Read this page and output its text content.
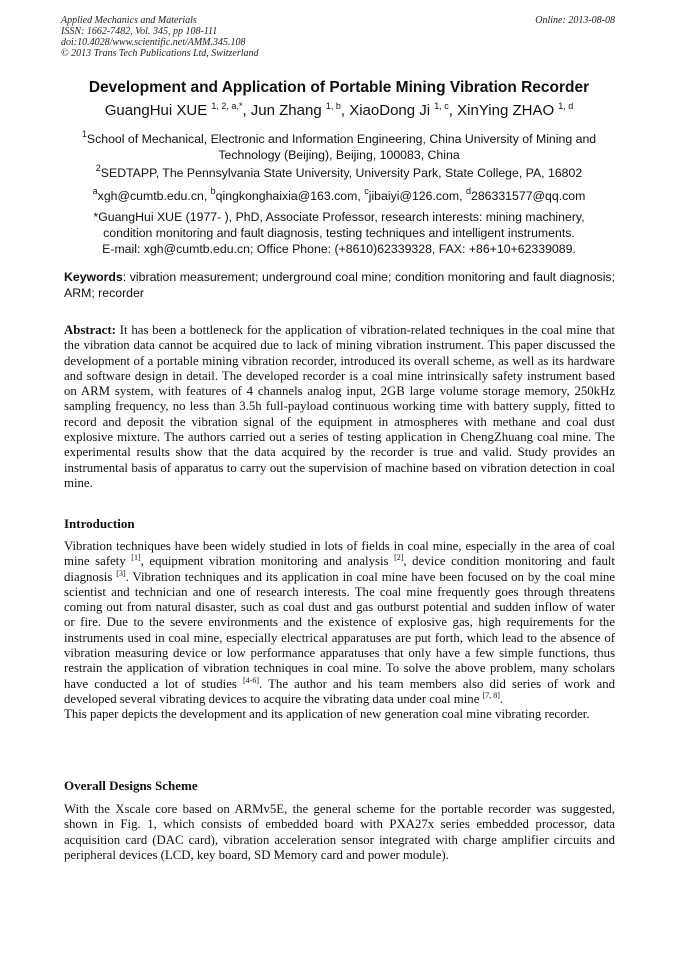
Applied Mechanics and Materials
ISSN: 1662-7482, Vol. 345, pp 108-111
doi:10.4028/www.scientific.net/AMM.345.108
© 2013 Trans Tech Publications Ltd, Switzerland
Online: 2013-08-08
Development and Application of Portable Mining Vibration Recorder
GuangHui XUE $^{1, 2, a,*}$, Jun Zhang $^{1, b}$, XiaoDong Ji $^{1, c}$, XinYing ZHAO $^{1, d}$
$^1$School of Mechanical, Electronic and Information Engineering, China University of Mining and Technology (Beijing), Beijing, 100083, China
$^2$SEDTAPP, The Pennsylvania State University, University Park, State College, PA, 16802
$^a$xgh@cumtb.edu.cn, $^b$qingkonghaixia@163.com, $^c$jibaiyi@126.com, $^d$286331577@qq.com
*GuangHui XUE (1977- ), PhD, Associate Professor, research interests: mining machinery, condition monitoring and fault diagnosis, testing techniques and intelligent instruments.
E-mail: xgh@cumtb.edu.cn; Office Phone: (+8610)62339328, FAX: +86+10+62339089.
Keywords: vibration measurement; underground coal mine; condition monitoring and fault diagnosis; ARM; recorder
Abstract: It has been a bottleneck for the application of vibration-related techniques in the coal mine that the vibration data cannot be acquired due to lack of mining vibration instrument. This paper discussed the development of a portable mining vibration recorder, introduced its overall scheme, as well as its hardware and software design in detail. The developed recorder is a coal mine intrinsically safety instrument based on ARM system, with features of 4 channels analog input, 2GB large volume storage memory, 250kHz sampling frequency, no less than 3.5h full-payload continuous working time with battery supply, fitted to record and deposit the vibration signal of the equipment in atmospheres with methane and coal dust explosive mixture. The authors carried out a series of testing application in ChengZhuang coal mine. The experimental results show that the data acquired by the recorder is true and valid. Study provides an instrumental basis of apparatus to carry out the supervision of machine based on vibration detection in coal mine.
Introduction
Vibration techniques have been widely studied in lots of fields in coal mine, especially in the area of coal mine safety [1], equipment vibration monitoring and analysis [2], device condition monitoring and fault diagnosis [3]. Vibration techniques and its application in coal mine have been focused on by the coal mine scientist and technician and one of research interests. The coal mine frequently goes through threatens coming out from natural disaster, such as coal dust and gas outburst potential and sudden inflow of water or fire. Due to the severe environments and the existence of explosive gas, high requirements for the instruments used in coal mine, especially electrical apparatuses are put forth, which lead to the absence of vibration measuring device or low performance apparatuses that only have a few simple functions, thus restrain the application of vibration techniques in coal mine. To solve the above problem, many scholars have conducted a lot of studies [4-6]. The author and his team members also did series of work and developed several vibrating devices to acquire the vibrating data under coal mine [7, 8].
This paper depicts the development and its application of new generation coal mine vibrating recorder.
Overall Designs Scheme
With the Xscale core based on ARMv5E, the general scheme for the portable recorder was suggested, shown in Fig. 1, which consists of embedded board with PXA27x series embedded processor, data acquisition card (DAC card), vibration acceleration sensor integrated with charge amplifier circuits and peripheral devices (LCD, key board, SD Memory card and power module).
